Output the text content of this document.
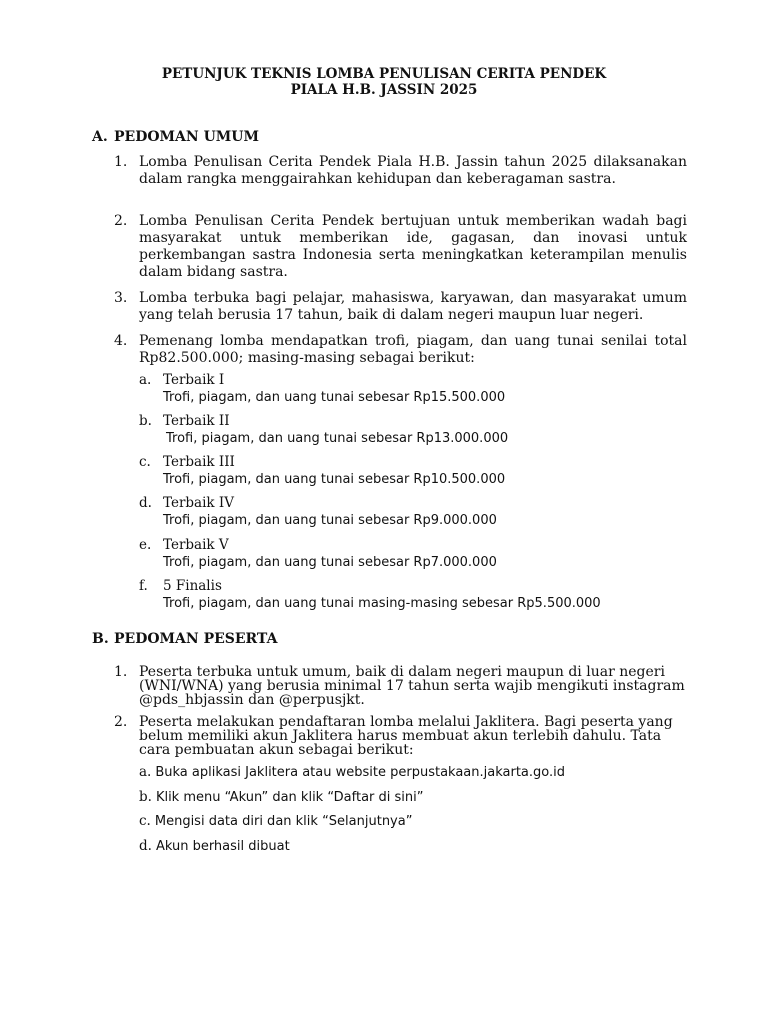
PETUNJUK TEKNIS LOMBA PENULISAN CERITA PENDEK
PIALA H.B. JASSIN 2025
A. PEDOMAN UMUM
1. Lomba Penulisan Cerita Pendek Piala H.B. Jassin tahun 2025 dilaksanakan dalam rangka menggairahkan kehidupan dan keberagaman sastra.
2. Lomba Penulisan Cerita Pendek bertujuan untuk memberikan wadah bagi masyarakat untuk memberikan ide, gagasan, dan inovasi untuk perkembangan sastra Indonesia serta meningkatkan keterampilan menulis dalam bidang sastra.
3. Lomba terbuka bagi pelajar, mahasiswa, karyawan, dan masyarakat umum yang telah berusia 17 tahun, baik di dalam negeri maupun luar negeri.
4. Pemenang lomba mendapatkan trofi, piagam, dan uang tunai senilai total Rp82.500.000; masing-masing sebagai berikut:
a. Terbaik I
Trofi, piagam, dan uang tunai sebesar Rp15.500.000
b. Terbaik II
Trofi, piagam, dan uang tunai sebesar Rp13.000.000
c. Terbaik III
Trofi, piagam, dan uang tunai sebesar Rp10.500.000
d. Terbaik IV
Trofi, piagam, dan uang tunai sebesar Rp9.000.000
e. Terbaik V
Trofi, piagam, dan uang tunai sebesar Rp7.000.000
f. 5 Finalis
Trofi, piagam, dan uang tunai masing-masing sebesar Rp5.500.000
B. PEDOMAN PESERTA
1. Peserta terbuka untuk umum, baik di dalam negeri maupun di luar negeri (WNI/WNA) yang berusia minimal 17 tahun serta wajib mengikuti instagram @pds_hbjassin dan @perpusjkt.
2. Peserta melakukan pendaftaran lomba melalui Jaklitera. Bagi peserta yang belum memiliki akun Jaklitera harus membuat akun terlebih dahulu. Tata cara pembuatan akun sebagai berikut:
a. Buka aplikasi Jaklitera atau website perpustakaan.jakarta.go.id
b. Klik menu “Akun” dan klik “Daftar di sini”
c. Mengisi data diri dan klik “Selanjutnya”
d. Akun berhasil dibuat
